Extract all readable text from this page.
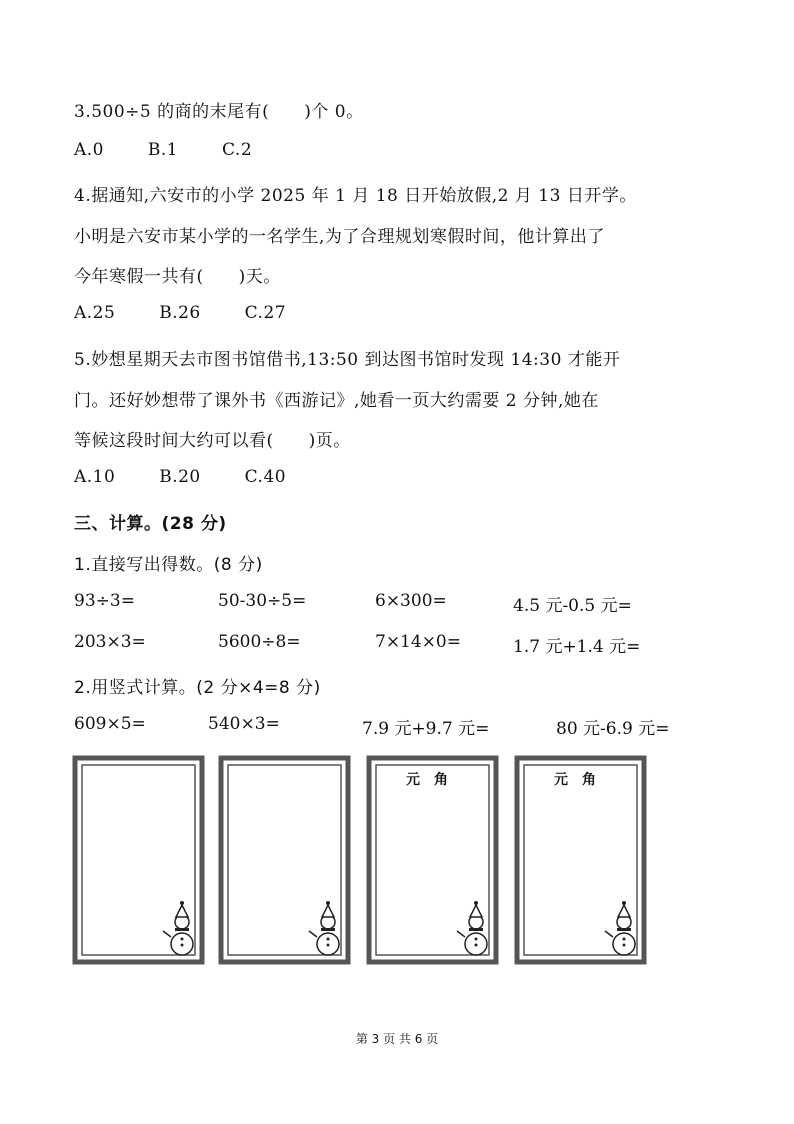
3.500÷5 的商的末尾有(　　)个 0。
A.0	B.1	C.2
4.据通知,六安市的小学 2025 年 1 月 18 日开始放假,2 月 13 日开学。
小明是六安市某小学的一名学生,为了合理规划寒假时间，他计算出了
今年寒假一共有(　　)天。
A.25	B.26	C.27
5.妙想星期天去市图书馆借书,13:50 到达图书馆时发现 14:30 才能开
门。还好妙想带了课外书《西游记》,她看一页大约需要 2 分钟,她在
等候这段时间大约可以看(　　)页。
A.10	B.20	C.40
三、计算。(28 分)
1.直接写出得数。(8 分)
93÷3=	50-30÷5=	6×300=	4.5 元-0.5 元=
203×3=	5600÷8=	7×14×0=	1.7 元+1.4 元=
2.用竖式计算。(2 分×4=8 分)
609×5=	540×3=	7.9 元+9.7 元=	80 元-6.9 元=
元　角	元　角
第 3 页 共 6 页
